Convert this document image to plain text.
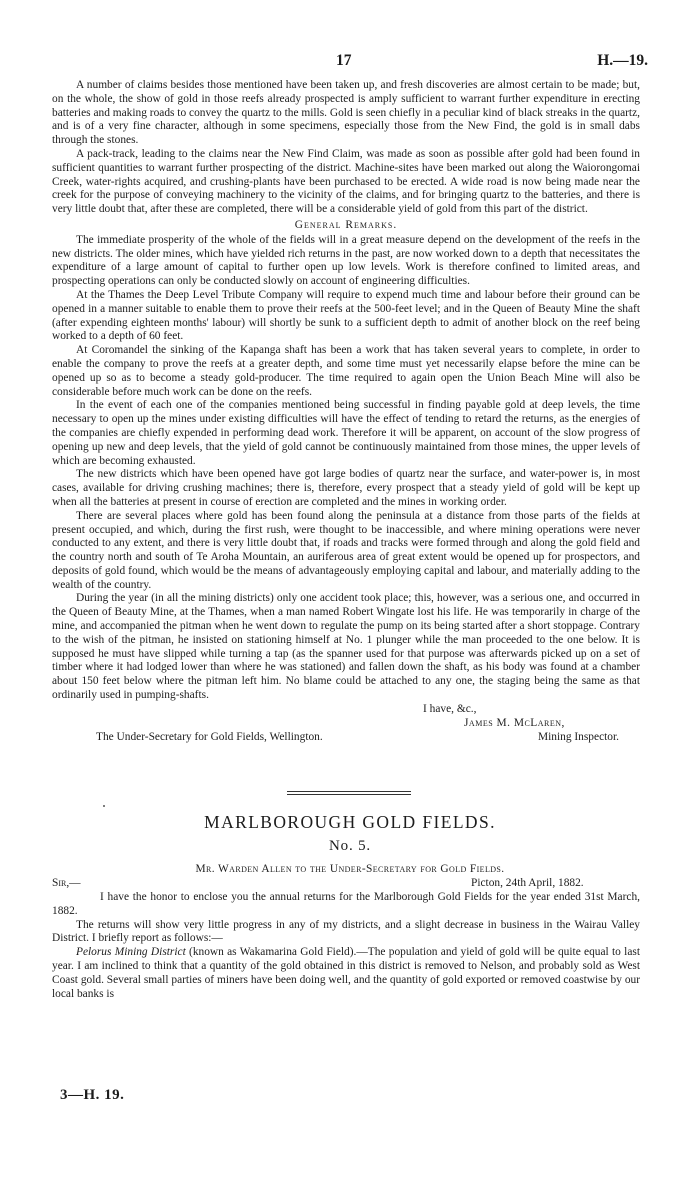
17	H.—19.

A number of claims besides those mentioned have been taken up, and fresh discoveries are almost certain to be made; but, on the whole, the show of gold in those reefs already prospected is amply sufficient to warrant further expenditure in erecting batteries and making roads to convey the quartz to the mills. Gold is seen chiefly in a peculiar kind of black streaks in the quartz, and is of a very fine character, although in some specimens, especially those from the New Find, the gold is in small dabs through the stones.

A pack-track, leading to the claims near the New Find Claim, was made as soon as possible after gold had been found in sufficient quantities to warrant further prospecting of the district. Machine-sites have been marked out along the Waiorongomai Creek, water-rights acquired, and crushing-plants have been purchased to be erected. A wide road is now being made near the creek for the purpose of conveying machinery to the vicinity of the claims, and for bringing quartz to the batteries, and there is very little doubt that, after these are completed, there will be a considerable yield of gold from this part of the district.

General Remarks.

The immediate prosperity of the whole of the fields will in a great measure depend on the development of the reefs in the new districts. The older mines, which have yielded rich returns in the past, are now worked down to a depth that necessitates the expenditure of a large amount of capital to further open up low levels. Work is therefore confined to limited areas, and prospecting operations can only be conducted slowly on account of engineering difficulties.

At the Thames the Deep Level Tribute Company will require to expend much time and labour before their ground can be opened in a manner suitable to enable them to prove their reefs at the 500-feet level; and in the Queen of Beauty Mine the shaft (after expending eighteen months' labour) will shortly be sunk to a sufficient depth to admit of another block on the reef being worked to a depth of 60 feet.

At Coromandel the sinking of the Kapanga shaft has been a work that has taken several years to complete, in order to enable the company to prove the reefs at a greater depth, and some time must yet necessarily elapse before the mine can be opened up so as to become a steady gold-producer. The time required to again open the Union Beach Mine will also be considerable before much work can be done on the reefs.

In the event of each one of the companies mentioned being successful in finding payable gold at deep levels, the time necessary to open up the mines under existing difficulties will have the effect of tending to retard the returns, as the energies of the companies are chiefly expended in performing dead work. Therefore it will be apparent, on account of the slow progress of opening up new and deep levels, that the yield of gold cannot be continuously maintained from those mines, the upper levels of which are becoming exhausted.

The new districts which have been opened have got large bodies of quartz near the surface, and water-power is, in most cases, available for driving crushing machines; there is, therefore, every prospect that a steady yield of gold will be kept up when all the batteries at present in course of erection are completed and the mines in working order.

There are several places where gold has been found along the peninsula at a distance from those parts of the fields at present occupied, and which, during the first rush, were thought to be inaccessible, and where mining operations were never conducted to any extent, and there is very little doubt that, if roads and tracks were formed through and along the gold field and the country north and south of Te Aroha Mountain, an auriferous area of great extent would be opened up for prospectors, and deposits of gold found, which would be the means of advantageously employing capital and labour, and materially adding to the wealth of the country.

During the year (in all the mining districts) only one accident took place; this, however, was a serious one, and occurred in the Queen of Beauty Mine, at the Thames, when a man named Robert Wingate lost his life. He was temporarily in charge of the mine, and accompanied the pitman when he went down to regulate the pump on its being started after a short stoppage. Contrary to the wish of the pitman, he insisted on stationing himself at No. 1 plunger while the man proceeded to the one below. It is supposed he must have slipped while turning a tap (as the spanner used for that purpose was afterwards picked up on a set of timber where it had lodged lower than where he was stationed) and fallen down the shaft, as his body was found at a chamber about 150 feet below where the pitman left him. No blame could be attached to any one, the staging being the same as that ordinarily used in pumping-shafts.

I have, &c.,
James M. McLaren,
The Under-Secretary for Gold Fields, Wellington.	Mining Inspector.
MARLBOROUGH GOLD FIELDS.
No. 5.
Mr. Warden Allen to the Under-Secretary for Gold Fields.
Sir,—	Picton, 24th April, 1882.

I have the honor to enclose you the annual returns for the Marlborough Gold Fields for the year ended 31st March, 1882.

The returns will show very little progress in any of my districts, and a slight decrease in business in the Wairau Valley District. I briefly report as follows:—

Pelorus Mining District (known as Wakamarina Gold Field).—The population and yield of gold will be quite equal to last year. I am inclined to think that a quantity of the gold obtained in this district is removed to Nelson, and probably sold as West Coast gold. Several small parties of miners have been doing well, and the quantity of gold exported or removed coastwise by our local banks is

3—H. 19.
